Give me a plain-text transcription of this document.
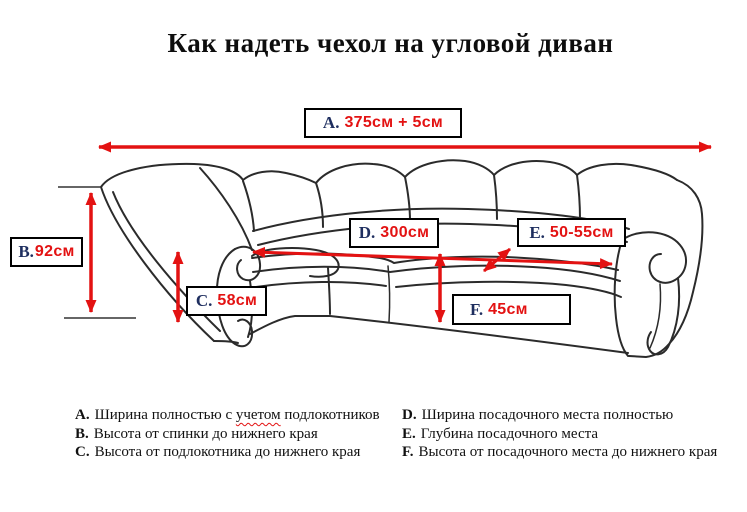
Как надеть чехол на угловой диван
A. 375см + 5см
B. 92см
C. 58см
D. 300см	E. 50-55см
F. 45см
A. Ширина полностью с учетом подлокотников
B. Высота от спинки до нижнего края
C. Высота от подлокотника до нижнего края
D. Ширина посадочного места полностью
E. Глубина посадочного места
F. Высота от посадочного места до нижнего края
